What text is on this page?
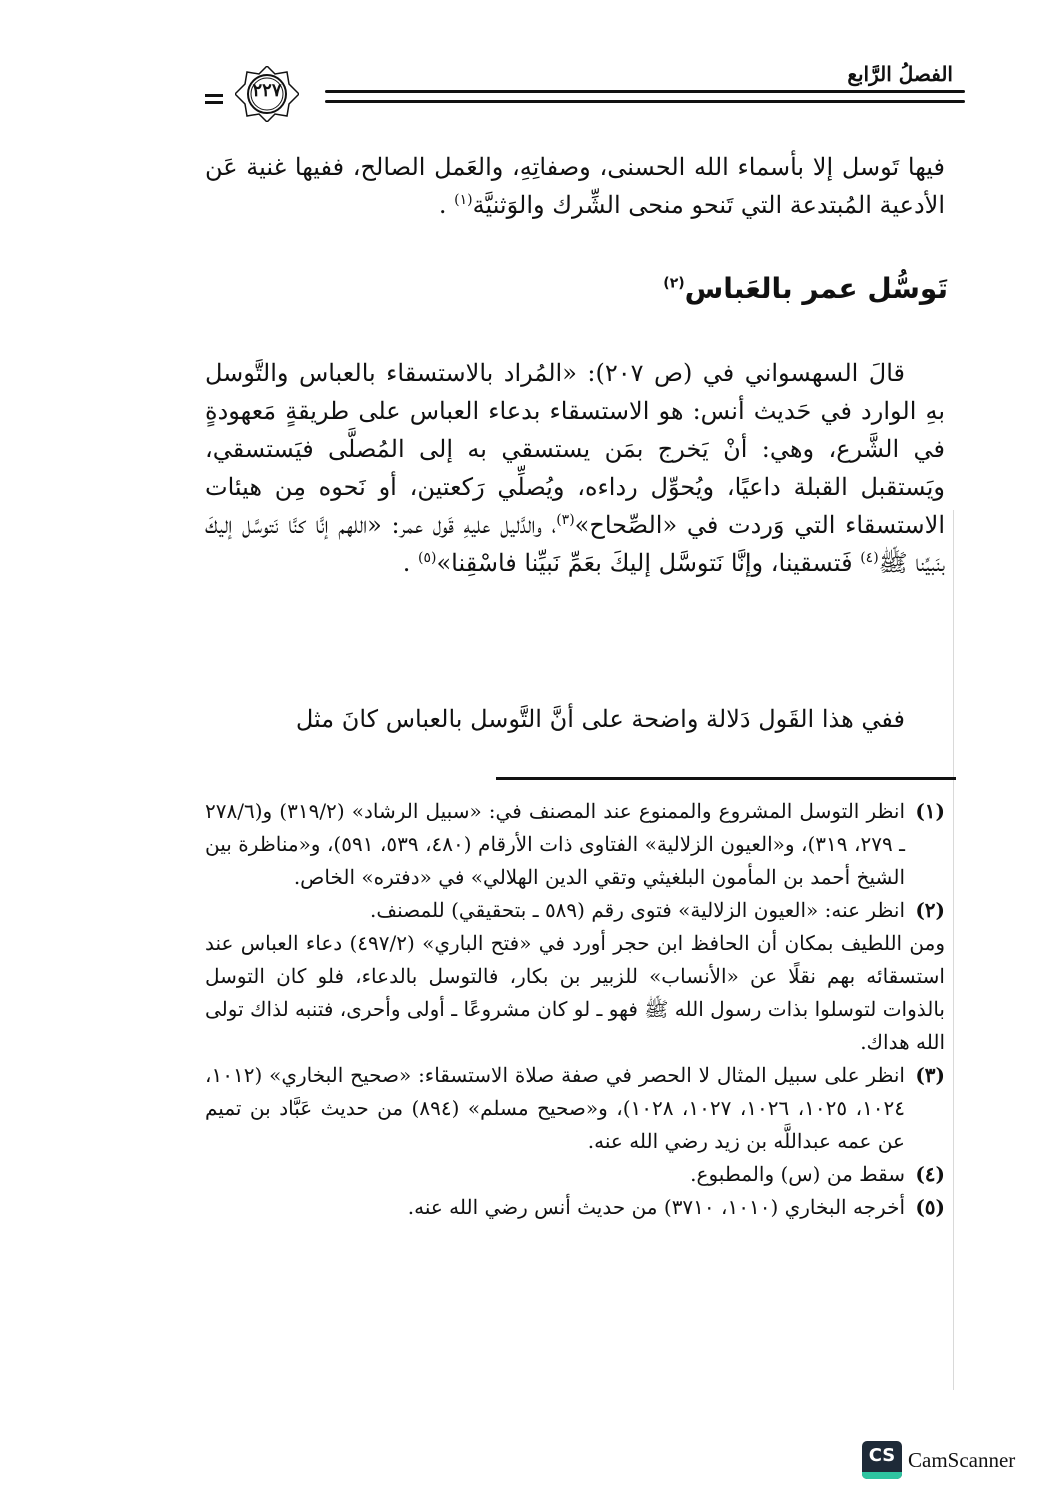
الفصلُ الرَّابع
٢٢٧
فيها تَوسل إلا بأسماء الله الحسنى، وصفاتِهِ، والعَمل الصالح، ففيها غنية عَن الأدعية المُبتدعة التي تَنحو منحى الشِّرك والوَثنيَّة$^{(١)}$ .
تَوسُّل عمر بالعَباس$^{(٢)}$
قالَ السهسواني في (ص ٢٠٧): «المُراد بالاستسقاء بالعباس والتَّوسل بهِ الوارد في حَديث أنس: هو الاستسقاء بدعاء العباس على طريقةٍ مَعهودةٍ في الشَّرع، وهي: أنْ يَخرج بمَن يستسقي به إلى المُصلَّى فيَستسقي، ويَستقبل القبلة داعيًا، ويُحوِّل رداءه، ويُصلِّي رَكعتين، أو نَحوه مِن هيئات الاستسقاء التي وَردت في «الصِّحاح»$^{(٣)}$، والدَّليل عليهِ قَول عمر: «اللهم إنَّا كنَّا نَتوسَّل إليكَ بنَبيِّنا ﷺ$^{(٤)}$ فَتسقينا، وإنَّا نَتوسَّل إليكَ بعَمِّ نَبيِّنا فاسْقِنا»$^{(٥)}$ .
ففي هذا القَول دَلالة واضحة على أنَّ التَّوسل بالعباس كانَ مثل
(١)

انظر التوسل المشروع والممنوع عند المصنف في: «سبيل الرشاد» (٣١٩/٢) و(٢٧٨/٦ ـ ٢٧٩، ٣١٩)، و«العيون الزلالية» الفتاوى ذات الأرقام (٤٨٠، ٥٣٩، ٥٩١)، و«مناظرة بين الشيخ أحمد بن المأمون البلغيثي وتقي الدين الهلالي» في «دفتره» الخاص.

(٢)

انظر عنه: «العيون الزلالية» فتوى رقم (٥٨٩ ـ بتحقيقي) للمصنف.

ومن اللطيف بمكان أن الحافظ ابن حجر أورد في «فتح الباري» (٤٩٧/٢) دعاء العباس عند استسقائه بهم نقلًا عن «الأنساب» للزبير بن بكار، فالتوسل بالدعاء، فلو كان التوسل بالذوات لتوسلوا بذات رسول الله ﷺ فهو ـ لو كان مشروعًا ـ أولى وأحرى، فتنبه لذاك تولى الله هداك.

(٣)

انظر على سبيل المثال لا الحصر في صفة صلاة الاستسقاء: «صحيح البخاري» (١٠١٢، ١٠٢٤، ١٠٢٥، ١٠٢٦، ١٠٢٧، ١٠٢٨)، و«صحيح مسلم» (٨٩٤) من حديث عَبَّاد بن تميم عن عمه عبداللَّه بن زيد رضي الله عنه.

(٤)

سقط من (س) والمطبوع.

(٥)

أخرجه البخاري (١٠١٠، ٣٧١٠) من حديث أنس رضي الله عنه.

CS CamScanner
